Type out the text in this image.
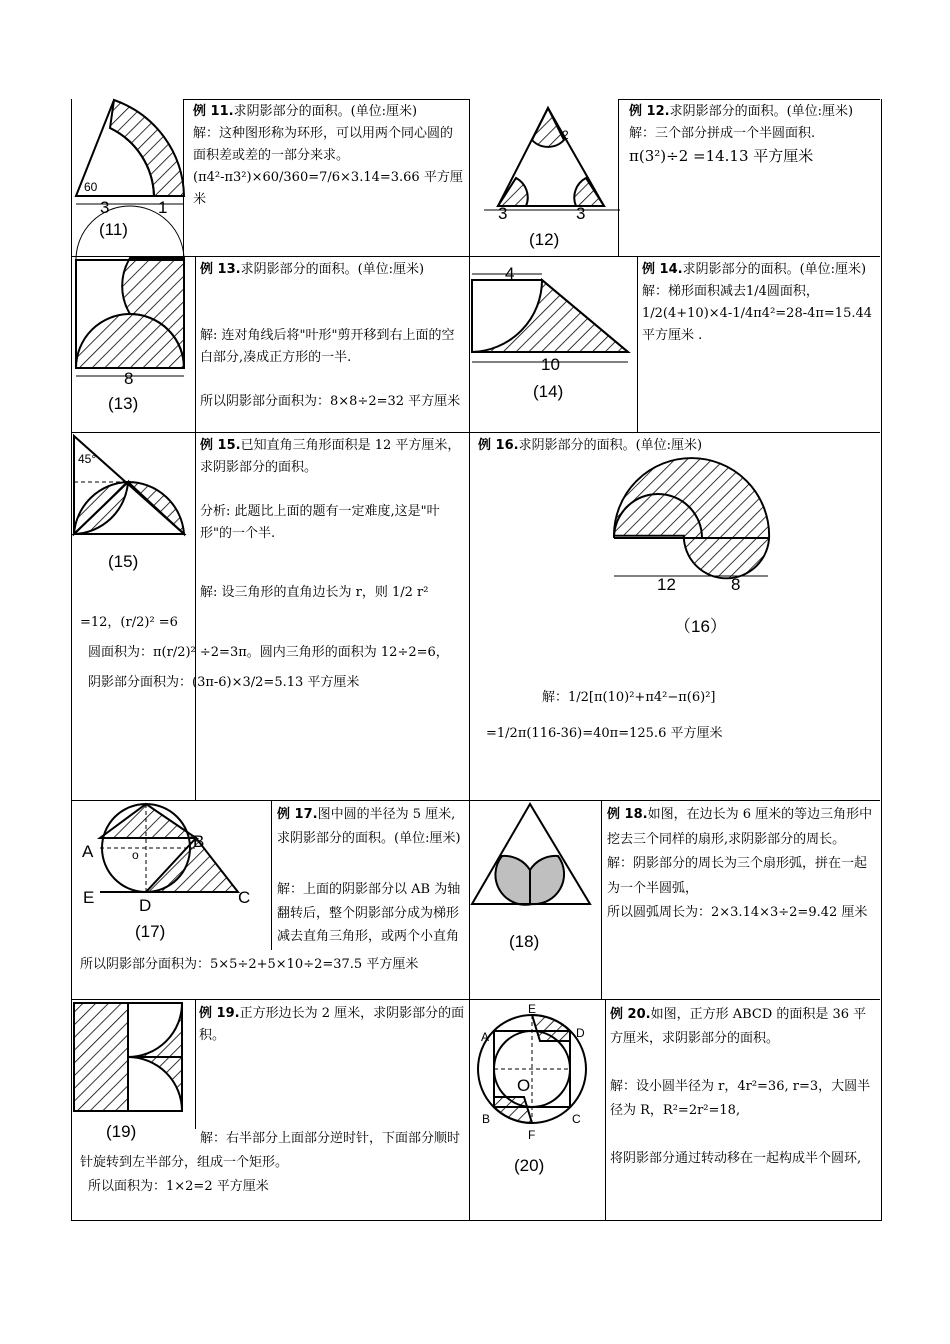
60
3	1
(11)
例 11.求阴影部分的面积。(单位:厘米)
解：这种图形称为环形，可以用两个同心圆的面积差或差的一部分来求。
(π4²-π3²)×60/360=7/6×3.14=3.66 平方厘米
3	3
2
(12)
例 12.求阴影部分的面积。(单位:厘米)
解：三个部分拼成一个半圆面积.
π(3²)÷2 =14.13 平方厘米
8
(13)
例 13.求阴影部分的面积。(单位:厘米)

解: 连对角线后将"叶形"剪开移到右上面的空白部分,凑成正方形的一半.

所以阴影部分面积为：8×8÷2=32 平方厘米
4
10
(14)
例 14.求阴影部分的面积。(单位:厘米)
解：梯形面积减去1/4圆面积，
1/2(4+10)×4-1/4π4²=28-4π=15.44 平方厘米 .
45°
(15)
例 15.已知直角三角形面积是 12 平方厘米，求阴影部分的面积。

分析: 此题比上面的题有一定难度,这是"叶形"的一个半.
解: 设三角形的直角边长为 r，则 1/2 r² =12，(r/2)² =6
圆面积为：π(r/2)² ÷2=3π。圆内三角形的面积为 12÷2=6，
阴影部分面积为：(3π-6)×3/2=5.13 平方厘米
例 16.求阴影部分的面积。(单位:厘米)
12	8
（16）
解：1/2[π(10)²+π4²−π(6)²]
=1/2π(116-36)=40π=125.6 平方厘米
A
B
C
D
E
o
(17)
例 17.图中圆的半径为 5 厘米,求阴影部分的面积。(单位:厘米)
解：上面的阴影部分以 AB 为轴翻转后，整个阴影部分成为梯形减去直角三角形，或两个小直角
所以阴影部分面积为：5×5÷2+5×10÷2=37.5 平方厘米
(18)
例 18.如图，在边长为 6 厘米的等边三角形中挖去三个同样的扇形,求阴影部分的周长。
解：阴影部分的周长为三个扇形弧，拼在一起为一个半圆弧，
所以圆弧周长为：2×3.14×3÷2=9.42 厘米
(19)
例 19.正方形边长为 2 厘米，求阴影部分的面积。
解：右半部分上面部分逆时针，下面部分顺时针旋转到左半部分，组成一个矩形。
所以面积为：1×2=2 平方厘米
E
A	D
B	C
F
O
(20)
例 20.如图，正方形 ABCD 的面积是 36 平方厘米，求阴影部分的面积。

解：设小圆半径为 r，4r²=36, r=3，大圆半径为 R，R²=2r²=18,

将阴影部分通过转动移在一起构成半个圆环,
